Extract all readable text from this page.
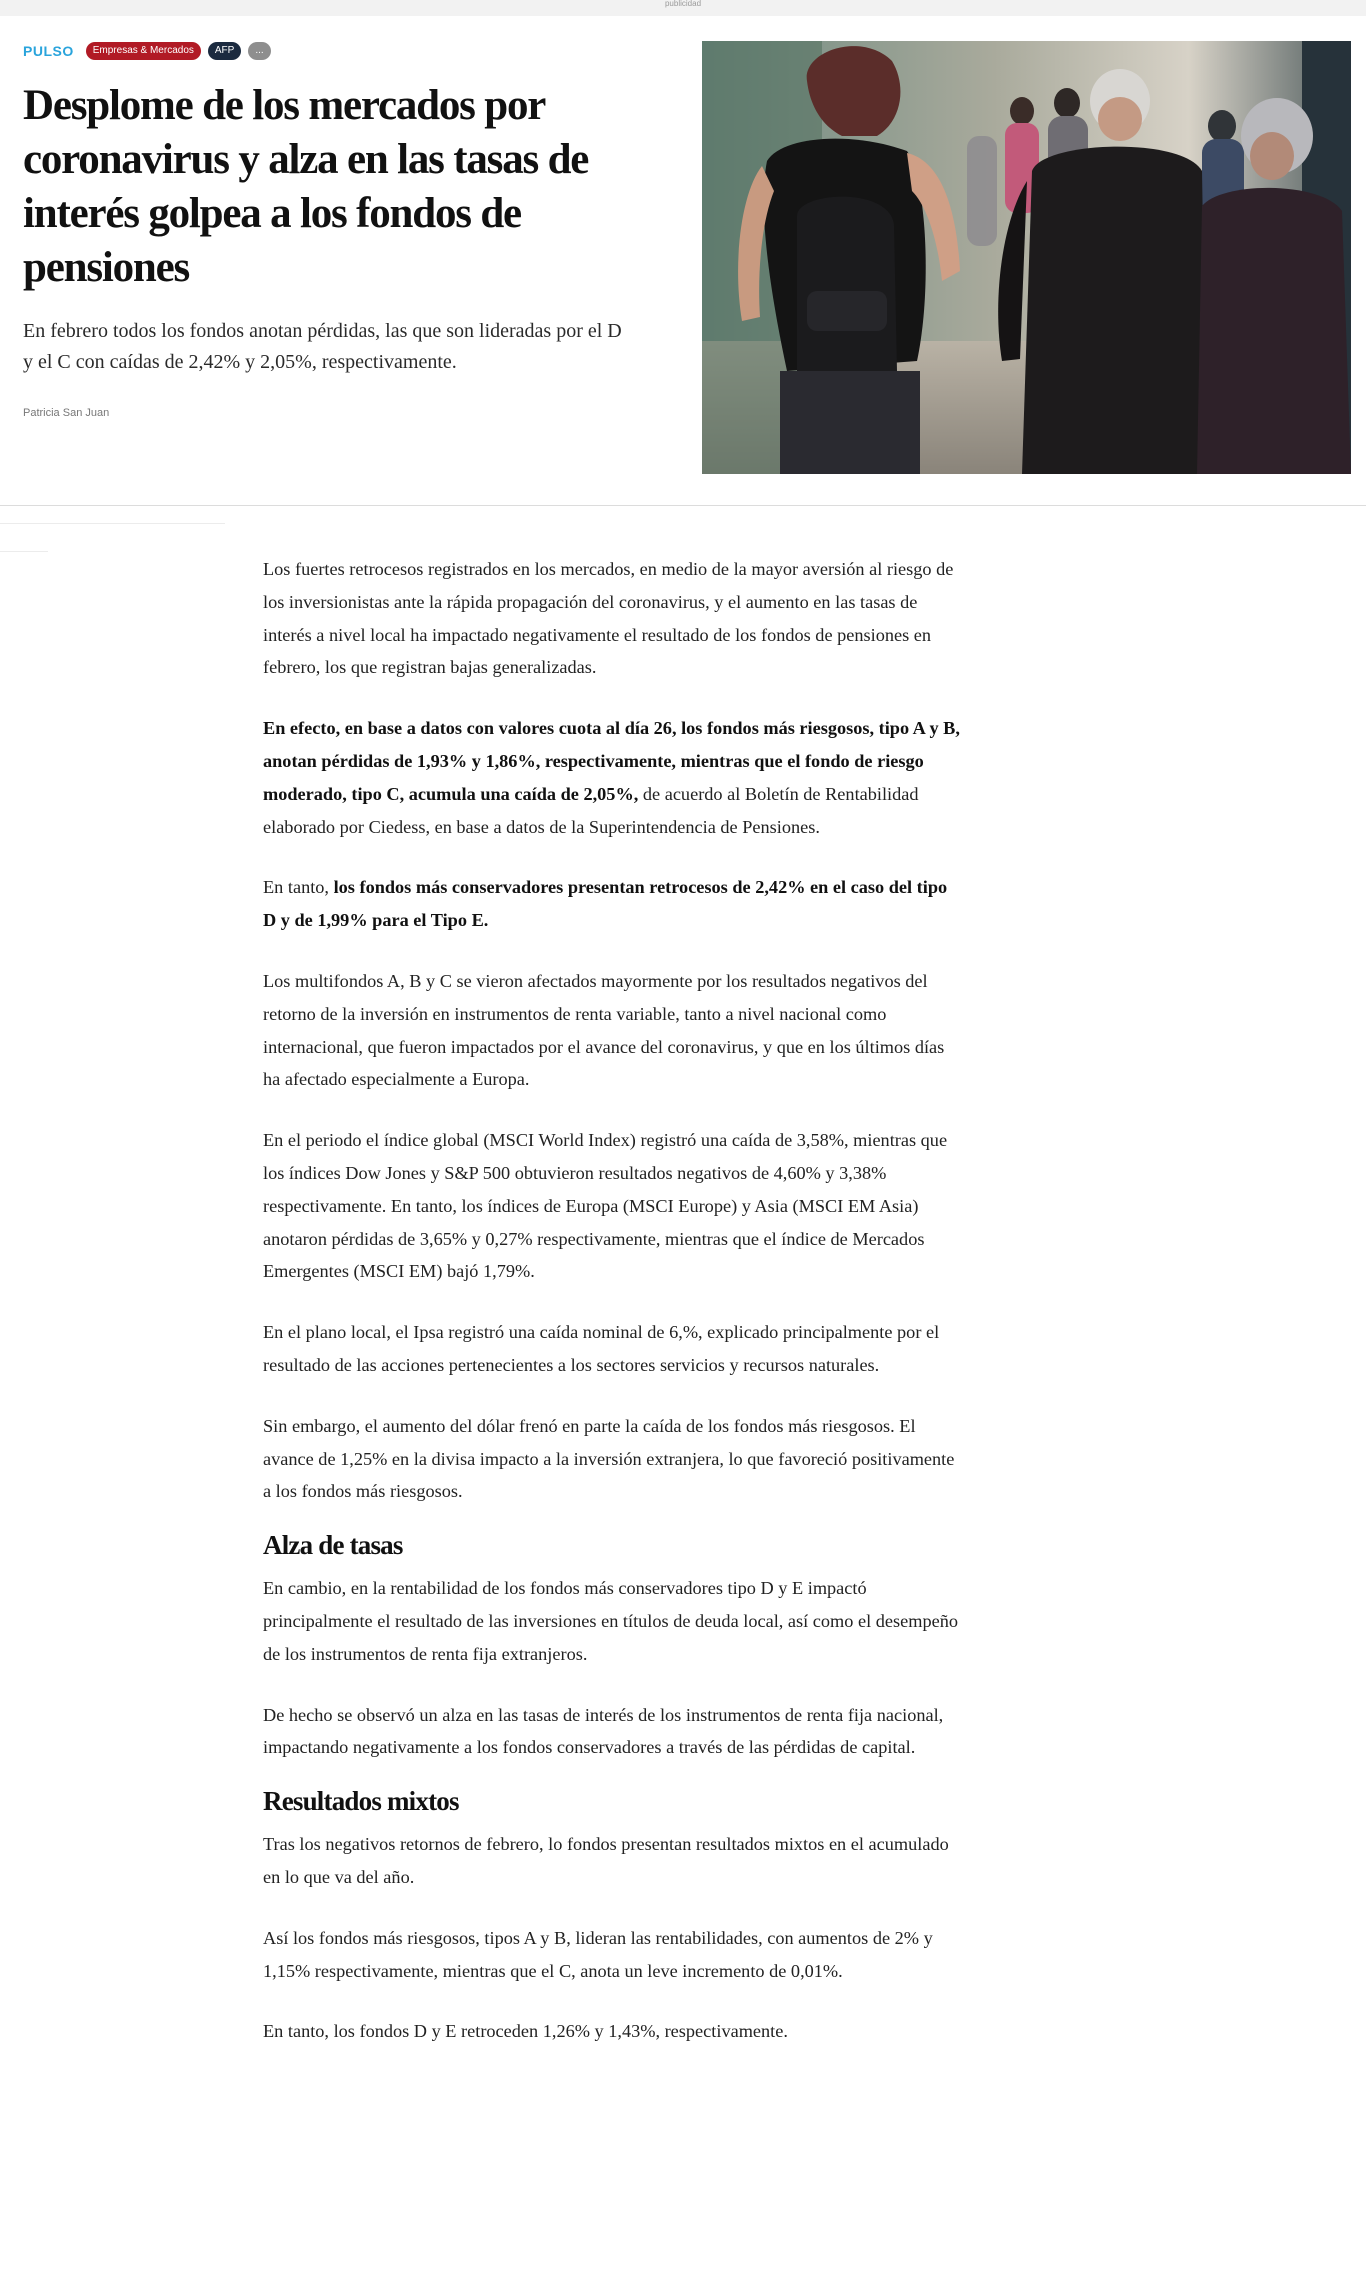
publicidad
PULSO	Empresas & Mercados	AFP	...
Desplome de los mercados por coronavirus y alza en las tasas de interés golpea a los fondos de pensiones

En febrero todos los fondos anotan pérdidas, las que son lideradas por el D y el C con caídas de 2,42% y 2,05%, respectivamente.

Patricia San Juan

Los fuertes retrocesos registrados en los mercados, en medio de la mayor aversión al riesgo de los inversionistas ante la rápida propagación del coronavirus, y el aumento en las tasas de interés a nivel local ha impactado negativamente el resultado de los fondos de pensiones en febrero, los que registran bajas generalizadas.

En efecto, en base a datos con valores cuota al día 26, los fondos más riesgosos, tipo A y B, anotan pérdidas de 1,93% y 1,86%, respectivamente, mientras que el fondo de riesgo moderado, tipo C, acumula una caída de 2,05%, de acuerdo al Boletín de Rentabilidad elaborado por Ciedess, en base a datos de la Superintendencia de Pensiones.

En tanto, los fondos más conservadores presentan retrocesos de 2,42% en el caso del tipo D y de 1,99% para el Tipo E.

Los multifondos A, B y C se vieron afectados mayormente por los resultados negativos del retorno de la inversión en instrumentos de renta variable, tanto a nivel nacional como internacional, que fueron impactados por el avance del coronavirus, y que en los últimos días ha afectado especialmente a Europa.

En el periodo el índice global (MSCI World Index) registró una caída de 3,58%, mientras que los índices Dow Jones y S&P 500 obtuvieron resultados negativos de 4,60% y 3,38% respectivamente. En tanto, los índices de Europa (MSCI Europe) y Asia (MSCI EM Asia) anotaron pérdidas de 3,65% y 0,27% respectivamente, mientras que el índice de Mercados Emergentes (MSCI EM) bajó 1,79%.

En el plano local, el Ipsa registró una caída nominal de 6,%, explicado principalmente por el resultado de las acciones pertenecientes a los sectores servicios y recursos naturales.

Sin embargo, el aumento del dólar frenó en parte la caída de los fondos más riesgosos. El avance de 1,25% en la divisa impacto a la inversión extranjera, lo que favoreció positivamente a los fondos más riesgosos.

Alza de tasas

En cambio, en la rentabilidad de los fondos más conservadores tipo D y E impactó principalmente el resultado de las inversiones en títulos de deuda local, así como el desempeño de los instrumentos de renta fija extranjeros.

De hecho se observó un alza en las tasas de interés de los instrumentos de renta fija nacional, impactando negativamente a los fondos conservadores a través de las pérdidas de capital.

Resultados mixtos

Tras los negativos retornos de febrero, lo fondos presentan resultados mixtos en el acumulado en lo que va del año.

Así los fondos más riesgosos, tipos A y B, lideran las rentabilidades, con aumentos de 2% y 1,15% respectivamente, mientras que el C, anota un leve incremento de 0,01%.

En tanto, los fondos D y E retroceden 1,26% y 1,43%, respectivamente.
